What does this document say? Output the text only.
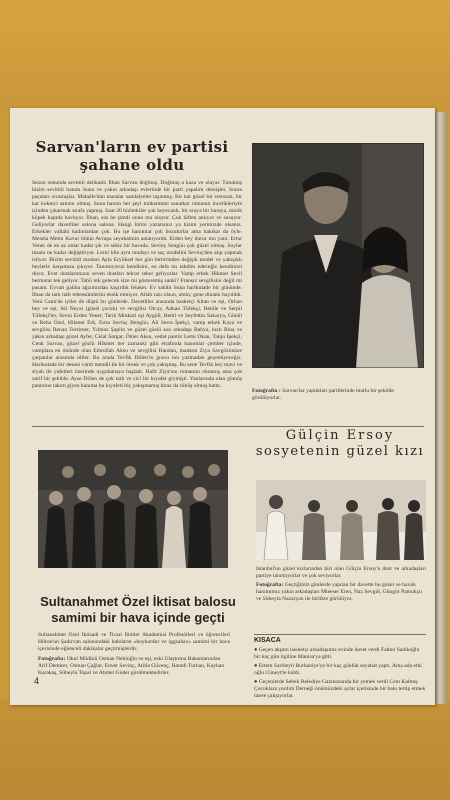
Sarvan'ların ev partisi
şahane oldu
Sezon sonunda sevimli delikanlı İlhan Sarvan doğmuş. Doğmuş a kaza ve olayar. Tutumuş bizim sevimli hanım Suna ve yakın arkadaşı evlerinde bir parti yapalım demişler. Sonra paçaları sıvamışlar. Mahalle'dan masalar sandalyeler taşınmış. Bir kat güzel bir restoran, bir kat kokteyl salonu olmuş. Suna hanım her şeyi mükemmel sanatkar ruhunun incelikleriyle içinden çıkarmak strafa yapmış. Saat 20 bizimkiler çok heyecanlı, bir oraya bir buraya, minik köpek kapıda havlıyor. İlhan, sus be şimdi onun mu oluyor. Çok lüften anlıyor ve susuyor. Geliyorlar davetliler salona salona. Hangi birini yazarsınız ya bizim yerimizde olsanız. Erkekler vallahi kadınlardan çok. Bu işe hanımlar çok bozulurlar ama hakikat da öyle. Mesela Metin Kavur bütün Avrupa seyahatinin anlatıyordu. Erden bey durur mu yani. Ertur Yener de en az onlar kadar şık ve sekiz bir havada. Sevinç Sengüıı çok güzel olmuş. Soylar insanı ne kadar değiştiriyor. Lerni bile aynı modayı ve saç modelini Sevinç'den alıp yapmak istiyor. Bizim sevimli modacı Ayla Eryüksel her gün birbirinden değişik model ve yakışıklı beylerle karşımıza çıkıyor. Tanımıyoruz kendisini, en defa mı takdim edeceğiz kendimizi diyor. Evet dostlarımızın seven dostları tekrar teker geliyorlar. Vamp erkek Hikmet Sevil bermutat tek geliyor. Tabii tek gelecek size mi gösteremiş sanki? Fransız sevgilisini değil mi pasam. Eyvah galiba ağzımızdan kaçırdık felaket. Ev sahibi Suna harikulade bir gününde. İlhan da tatlı tatlı tebessümlerini eksik etmiyor. Allah razı olsun, amin; gene dinamı bayıldık. Yeni Cami'de iyiler de düştü bu günlerde. Davetliler arasında basketçi Altan ve eşi, Orhan bey ve eşi, Ali Neyzi (güzel çocuk) ve sevgilisi Olcay, Adnan Tüfekçi, Betüle ve Serpil Tüfekçi'ler, Sevin Erden Yener, Tarık Minkari eşi Aygüll, Betül ve Seyfettin Sakarya, Gönül ve Reha Özel, Hikmet Erk, Ertın Sevinç Bengüıı, Ali Serra İpekçi, vamp erkek Kaya ve sevgilisi Renan Tectimer, Yılmaz Şaplin ve güzel göslü son arkadaşı Bahya, hızlı Rina ve yakın arkadaşı güzel Ayfer, Celal Sargar, Ömer Aksu, vedat pantür Lemi Okan, Tanju İpekçi, Cenk Sarvan, güzel gözlü Hikmet her zamanki gibi etrafında hanımlar çember içinde, vamplara en önünde olan Emrullah Aksu ve sevgilisi Handan, manken Ziya Savgözünüze çarpanlar arasında idiler. Bu arada Tevfik Dölen'in gravu tun yazmadan geçemiyeceğiz. Harikulade bir deseni vardı mendil ile bir örnek ve çok yakışmış. Bu sene Tevfik bey mavi ve siyah ile yafetleri üzerinde uygulamaya başladı. Halit Ziya'nın romanını okumuş ama çok zarif bir şekilde. Ayse Dölen de çok tatlı ve cici bir kıyafet giymişti. Yanlarında olan gümüş pantolon takım giyen hanıma bu kıyafeti hiç yakışmamış biraz da rüküş olmuş hatta.
Fotoğrafta : Sarvan'lar yaptıkları partilerinde mutlu bir şekilde görülüyorlar.
Gülçin Ersoy
sosyetenin güzel kızı
İstanbul'un güzel kızlarından biri olan Gülçin Ersoy'u dost ve arkadaşları partiye tanımıyorlar ve çok seviyorlar.
Fotoğrafta: Geçtiğimiz günlerde yapılan bir davette bu güzel ve havalı hanımımız yakın arkadaşları Mieeser Eren, Naz Sevgül, Güngör Pamukçu ve Süheyla Nazaryan ile birlikte görülüyor.
Sultanahmet Özel İktisat balosu
samimi bir hava içinde geçti
Sultanahmet Özel İktisadi ve Ticari İlimler Akademisi Profesörleri ve öğrencileri Hilton'un Şadırvan salonundaki baloların «boykotdur ve iggsalsız» samimi bir hava içerisinde eğlenceli dakikalar geçirmişlerdir.
Fotoğrafta: Okul Müdürü Osman Nebioğlu ve eşi, eski Ulaştırma Bakanlarından Arif Demirer, Osman Çağlar, Enver Sevinç, Atilla Güvenç, Hamdi Turhan, Kayhan Karakaş, Süheyla Topal ve Ahmet Güder görülmektedirler.
KISACA
● Geçen akşam basketçi arkadaşımız evinde davet verdi Fahmi Sadıkoğlu bir kaç gün ilgiline Manisa'ya gitti.
● Ertem Saribeyli Burhaniye'ye bir kaç günlük seyahat yaptı. Ama ada ethi oğlu Cüneyt'te kaldı.
● Geçenlerde Sebek Belediye Gazinosunda bir yemek verdi Cem Kalmış Çocuklara yardım Derneği önümüzdeki aylar içerisinde bir balo tertip etmek üzere çalışıyorlar.
4
